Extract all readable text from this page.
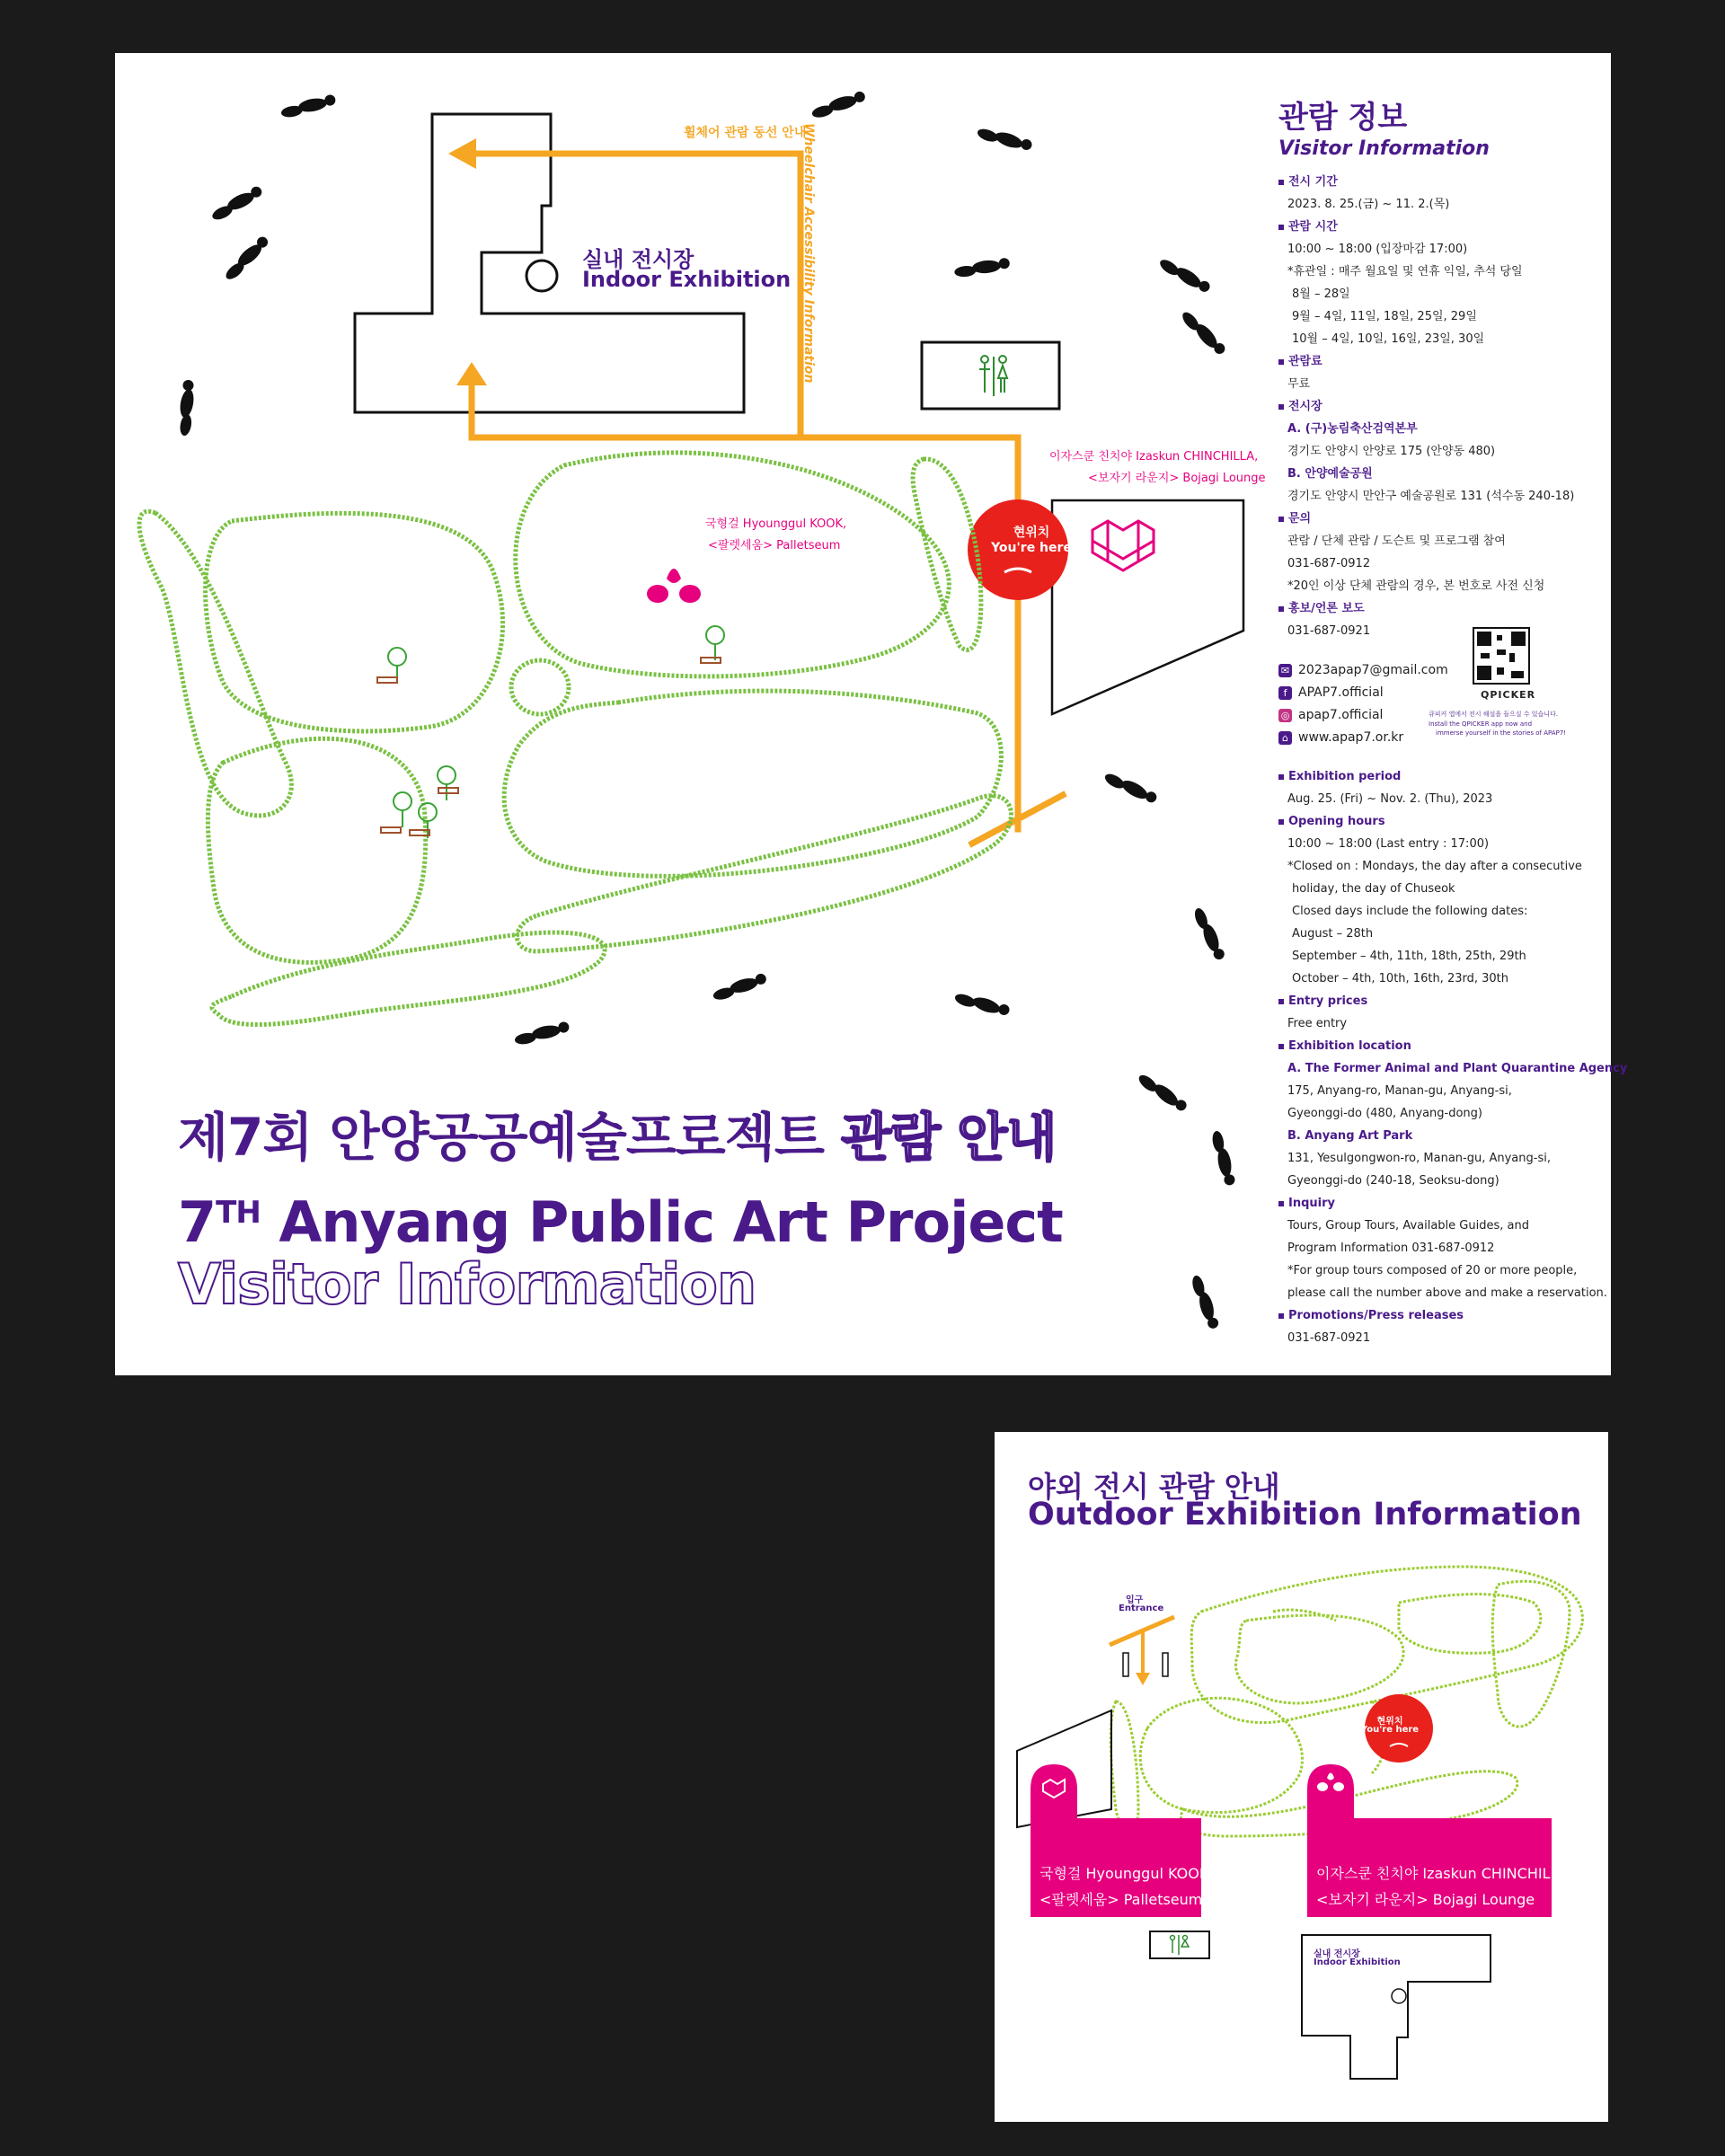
실내 전시장
Indoor Exhibition
휠체어 관람 동선 안내
Wheelchair Accessibility Information
이자스쿤 친치야 Izaskun CHINCHILLA,
<보자기 라운지> Bojagi Lounge
국형걸 Hyounggul KOOK,
<팔렛세움> Palletseum
현위치
You're here
제7회 안양공공예술프로젝트 관람 안내
7TH Anyang Public Art Project
Visitor Information
관람 정보
Visitor Information
전시 기간
2023. 8. 25.(금) ~ 11. 2.(목)
관람 시간
10:00 ~ 18:00 (입장마감 17:00)
*휴관일 : 매주 월요일 및 연휴 익일, 추석 당일
8월 – 28일
9월 – 4일, 11일, 18일, 25일, 29일
10월 – 4일, 10일, 16일, 23일, 30일
관람료
무료
전시장
A. (구)농림축산검역본부
경기도 안양시 안양로 175 (안양동 480)
B. 안양예술공원
경기도 안양시 만안구 예술공원로 131 (석수동 240-18)
문의
관람 / 단체 관람 / 도슨트 및 프로그램 참여
031-687-0912
*20인 이상 단체 관람의 경우, 본 번호로 사전 신청
홍보/언론 보도
031-687-0921
✉ 2023apap7@gmail.com
f APAP7.official
◎ apap7.official
⌂ www.apap7.or.kr
QPICKER
큐피커 앱에서 전시 해설을 들으실 수 있습니다.
Install the QPICKER app now and
immerse yourself in the stories of APAP7!
Exhibition period
Aug. 25. (Fri) ~ Nov. 2. (Thu), 2023
Opening hours
10:00 ~ 18:00 (Last entry : 17:00)
*Closed on : Mondays, the day after a consecutive
holiday, the day of Chuseok
Closed days include the following dates:
August – 28th
September – 4th, 11th, 18th, 25th, 29th
October – 4th, 10th, 16th, 23rd, 30th
Entry prices
Free entry
Exhibition location
A. The Former Animal and Plant Quarantine Agency
175, Anyang-ro, Manan-gu, Anyang-si,
Gyeonggi-do (480, Anyang-dong)
B. Anyang Art Park
131, Yesulgongwon-ro, Manan-gu, Anyang-si,
Gyeonggi-do (240-18, Seoksu-dong)
Inquiry
Tours, Group Tours, Available Guides, and
Program Information 031-687-0912
*For group tours composed of 20 or more people,
please call the number above and make a reservation.
Promotions/Press releases
031-687-0921
야외 전시 관람 안내
Outdoor Exhibition Information
입구
Entrance
국형걸 Hyounggul KOOK,
<팔렛세움> Palletseum
이자스쿤 친치야 Izaskun CHINCHILLA,
<보자기 라운지> Bojagi Lounge
현위치
You're here
실내 전시장
Indoor Exhibition
